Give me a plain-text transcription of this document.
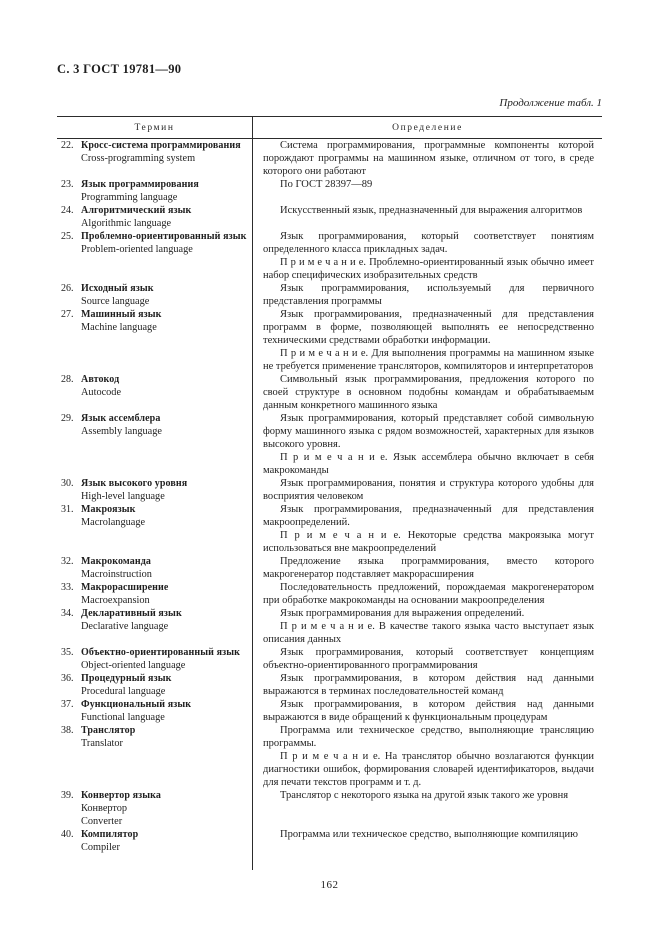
С. 3 ГОСТ 19781—90
Продолжение табл. 1
Термин	Определение
22. Кросс-система программирования
Cross-programming system

Система программирования, программные компоненты которой порождают программы на машинном языке, отличном от того, в среде которого они работают

23. Язык программирования
Programming language

По ГОСТ 28397—89

24. Алгоритмический язык
Algorithmic language

Искусственный язык, предназначенный для выражения алгоритмов

25. Проблемно-ориентированный язык
Problem-oriented language

Язык программирования, который соответствует понятиям определенного класса прикладных задач.

П р и м е ч а н и е. Проблемно-ориентированный язык обычно имеет набор специфических изобразительных средств

26. Исходный язык
Source language

Язык программирования, используемый для первичного представления программы

27. Машинный язык
Machine language

Язык программирования, предназначенный для представления программ в форме, позволяющей выполнять ее непосредственно техническими средствами обработки информации.

П р и м е ч а н и е. Для выполнения программы на машинном языке не требуется применение трансляторов, компиляторов и интерпретаторов

28. Автокод
Autocode

Символьный язык программирования, предложения которого по своей структуре в основном подобны командам и обрабатываемым данным конкретного машинного языка

29. Язык ассемблера
Assembly language

Язык программирования, который представляет собой символьную форму машинного языка с рядом возможностей, характерных для языков высокого уровня.

П р и м е ч а н и е. Язык ассемблера обычно включает в себя макрокоманды

30. Язык высокого уровня
High-level language

Язык программирования, понятия и структура которого удобны для восприятия человеком

31. Макроязык
Macrolanguage

Язык программирования, предназначенный для представления макроопределений.

П р и м е ч а н и е. Некоторые средства макроязыка могут использоваться вне макроопределений

32. Макрокоманда
Macroinstruction

Предложение языка программирования, вместо которого макрогенератор подставляет макрорасширения

33. Макрорасширение
Macroexpansion

Последовательность предложений, порождаемая макрогенератором при обработке макрокоманды на основании макроопределения

34. Декларативный язык
Declarative language

Язык программирования для выражения определений.

П р и м е ч а н и е. В качестве такого языка часто выступает язык описания данных

35. Объектно-ориентированный язык
Object-oriented language

Язык программирования, который соответствует концепциям объектно-ориентированного программирования

36. Процедурный язык
Procedural language

Язык программирования, в котором действия над данными выражаются в терминах последовательностей команд

37. Функциональный язык
Functional language

Язык программирования, в котором действия над данными выражаются в виде обращений к функциональным процедурам

38. Транслятор
Translator

Программа или техническое средство, выполняющие трансляцию программы.

П р и м е ч а н и е. На транслятор обычно возлагаются функции диагностики ошибок, формирования словарей идентификаторов, выдачи для печати текстов программ и т. д.

39. Конвертор языка
Конвертор
Converter

Транслятор с некоторого языка на другой язык такого же уровня

40. Компилятор
Compiler

Программа или техническое средство, выполняющие компиляцию

162
